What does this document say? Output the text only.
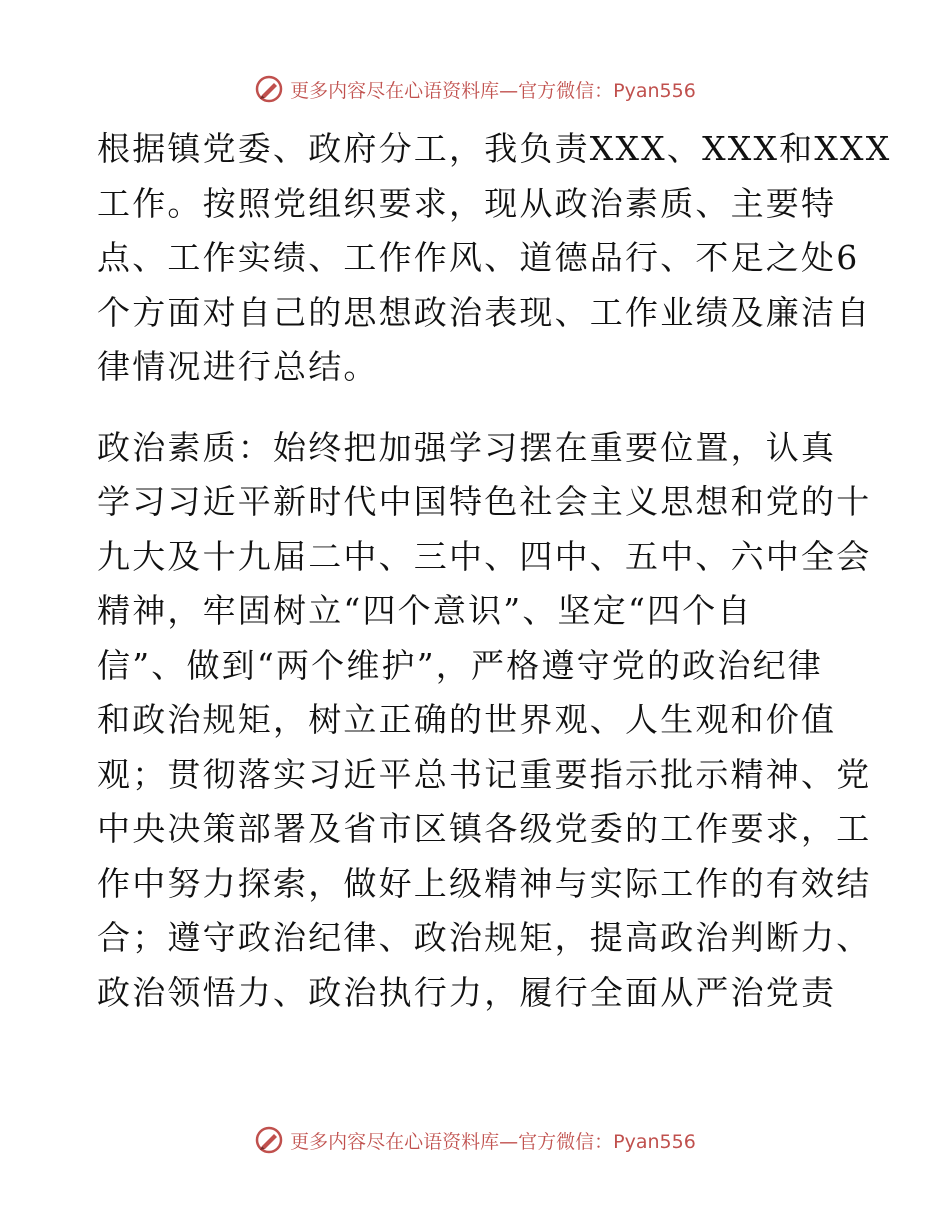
更多内容尽在心语资料库—官方微信：Pyan556
根据镇党委、政府分工，我负责XXX、XXX和XXX
工作。按照党组织要求，现从政治素质、主要特
点、工作实绩、工作作风、道德品行、不足之处6
个方面对自己的思想政治表现、工作业绩及廉洁自
律情况进行总结。
政治素质：始终把加强学习摆在重要位置，认真
学习习近平新时代中国特色社会主义思想和党的十
九大及十九届二中、三中、四中、五中、六中全会
精神，牢固树立“四个意识”、坚定“四个自
信”、做到“两个维护”，严格遵守党的政治纪律
和政治规矩，树立正确的世界观、人生观和价值
观；贯彻落实习近平总书记重要指示批示精神、党
中央决策部署及省市区镇各级党委的工作要求，工
作中努力探索，做好上级精神与实际工作的有效结
合；遵守政治纪律、政治规矩，提高政治判断力、
政治领悟力、政治执行力，履行全面从严治党责
更多内容尽在心语资料库—官方微信：Pyan556
